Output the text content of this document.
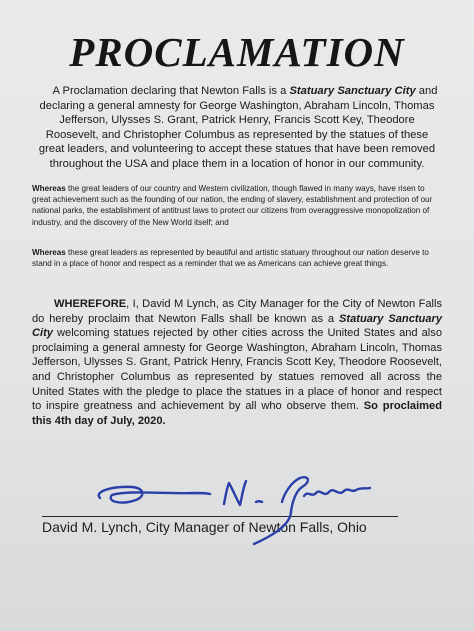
PROCLAMATION

A Proclamation declaring that Newton Falls is a Statuary Sanctuary City and declaring a general amnesty for George Washington, Abraham Lincoln, Thomas Jefferson, Ulysses S. Grant, Patrick Henry, Francis Scott Key, Theodore Roosevelt, and Christopher Columbus as represented by the statues of these great leaders, and volunteering to accept these statues that have been removed throughout the USA and place them in a location of honor in our community.

Whereas the great leaders of our country and Western civilization, though flawed in many ways, have risen to great achievement such as the founding of our nation, the ending of slavery, establishment and protection of our national parks, the establishment of antitrust laws to protect our citizens from overaggressive monopolization of industry, and the discovery of the New World itself; and

Whereas these great leaders as represented by beautiful and artistic statuary throughout our nation deserve to stand in a place of honor and respect as a reminder that we as Americans can achieve great things.

WHEREFORE, I, David M Lynch, as City Manager for the City of Newton Falls do hereby proclaim that Newton Falls shall be known as a Statuary Sanctuary City welcoming statues rejected by other cities across the United States and also proclaiming a general amnesty for George Washington, Abraham Lincoln, Thomas Jefferson, Ulysses S. Grant, Patrick Henry, Francis Scott Key, Theodore Roosevelt, and Christopher Columbus as represented by statues removed all across the United States with the pledge to place the statues in a place of honor and respect to inspire greatness and achievement by all who observe them. So proclaimed this 4th day of July, 2020.

David M. Lynch, City Manager of Newton Falls, Ohio
